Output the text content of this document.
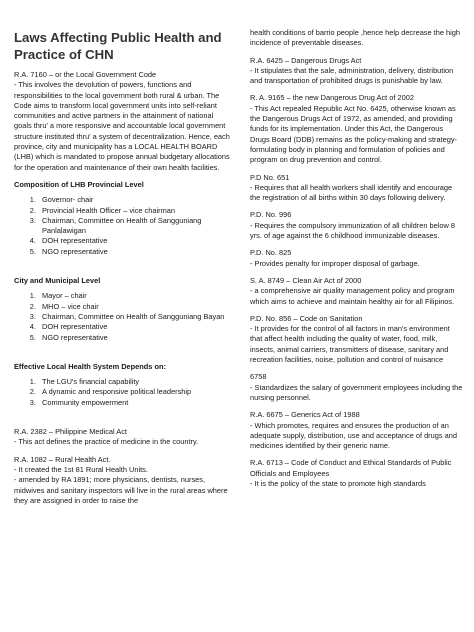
Laws Affecting Public Health and Practice of CHN

R.A. 7160 – or the Local Government Code

- This involves the devolution of powers, functions and responsibilities to the local government both rural & urban. The Code aims to transform local government units into self-reliant communities and active partners in the attainment of national goals thru' a more responsive and accountable local government structure instituted thru' a system of decentralization. Hence, each province, city and municipality has a LOCAL HEALTH BOARD (LHB) which is mandated to propose annual budgetary allocations for the operation and maintenance of their own health facilities.

Composition of LHB Provincial Level
1. Governor- chair
2. Provincial Health Officer – vice chairman
3. Chairman, Committee on Health of Sangguniang Panlalawigan
4. DOH representative
5. NGO representative
City and Municipal Level
1. Mayor – chair
2. MHO – vice chair
3. Chairman, Committee on Health of Sangguniang Bayan
4. DOH representative
5. NGO representative
Effective Local Health System Depends on:
1. The LGU's financial capability
2. A dynamic and responsive political leadership
3. Community empowerment

R.A. 2382 – Philippine Medical Act

- This act defines the practice of medicine in the country.

R.A. 1082 – Rural Health Act.

- It created the 1st 81 Rural Health Units.

- amended by RA 1891; more physicians, dentists, nurses, midwives and sanitary inspectors will live in the rural areas where they are assigned in order to raise the

health conditions of barrio people ,hence help decrease the high incidence of preventable diseases.

R.A. 6425 – Dangerous Drugs Act

- It stipulates that the sale, administration, delivery, distribution and transportation of prohibited drugs is punishable by law.

R. A. 9165 – the new Dangerous Drug Act of 2002

- This Act repealed Republic Act No. 6425, otherwise known as the Dangerous Drugs Act of 1972, as amended, and providing funds for its implementation. Under this Act, the Dangerous Drugs Board (DDB) remains as the policy-making and strategy- formulating body in planning and formulation of policies and program on drug prevention and control.

P.D No. 651

- Requires that all health workers shall identify and encourage the registration of all births within 30 days following delivery.

P.D. No. 996

- Requires the compulsory immunization of all children below 8 yrs. of age against the 6 childhood immunizable diseases.

P.D. No. 825

- Provides penalty for improper disposal of garbage.

S. A. 8749 – Clean Air Act of 2000

- a comprehensive air quality management policy and program which aims to achieve and maintain healthy air for all Filipinos.

P.D. No. 856 – Code on Sanitation

- It provides for the control of all factors in man's environment that affect health including the quality of water, food, milk, insects, animal carriers, transmitters of disease, sanitary and recreation facilities, noise, pollution and control of nuisance

6758

- Standardizes the salary of government employees including the nursing personnel.

R.A. 6675 – Generics Act of 1988

- Which promotes, requires and ensures the production of an adequate supply, distribution, use and acceptance of drugs and medicines identified by their generic name.

R.A. 6713 – Code of Conduct and Ethical Standards of Public Officials and Employees

- It is the policy of the state to promote high standards
